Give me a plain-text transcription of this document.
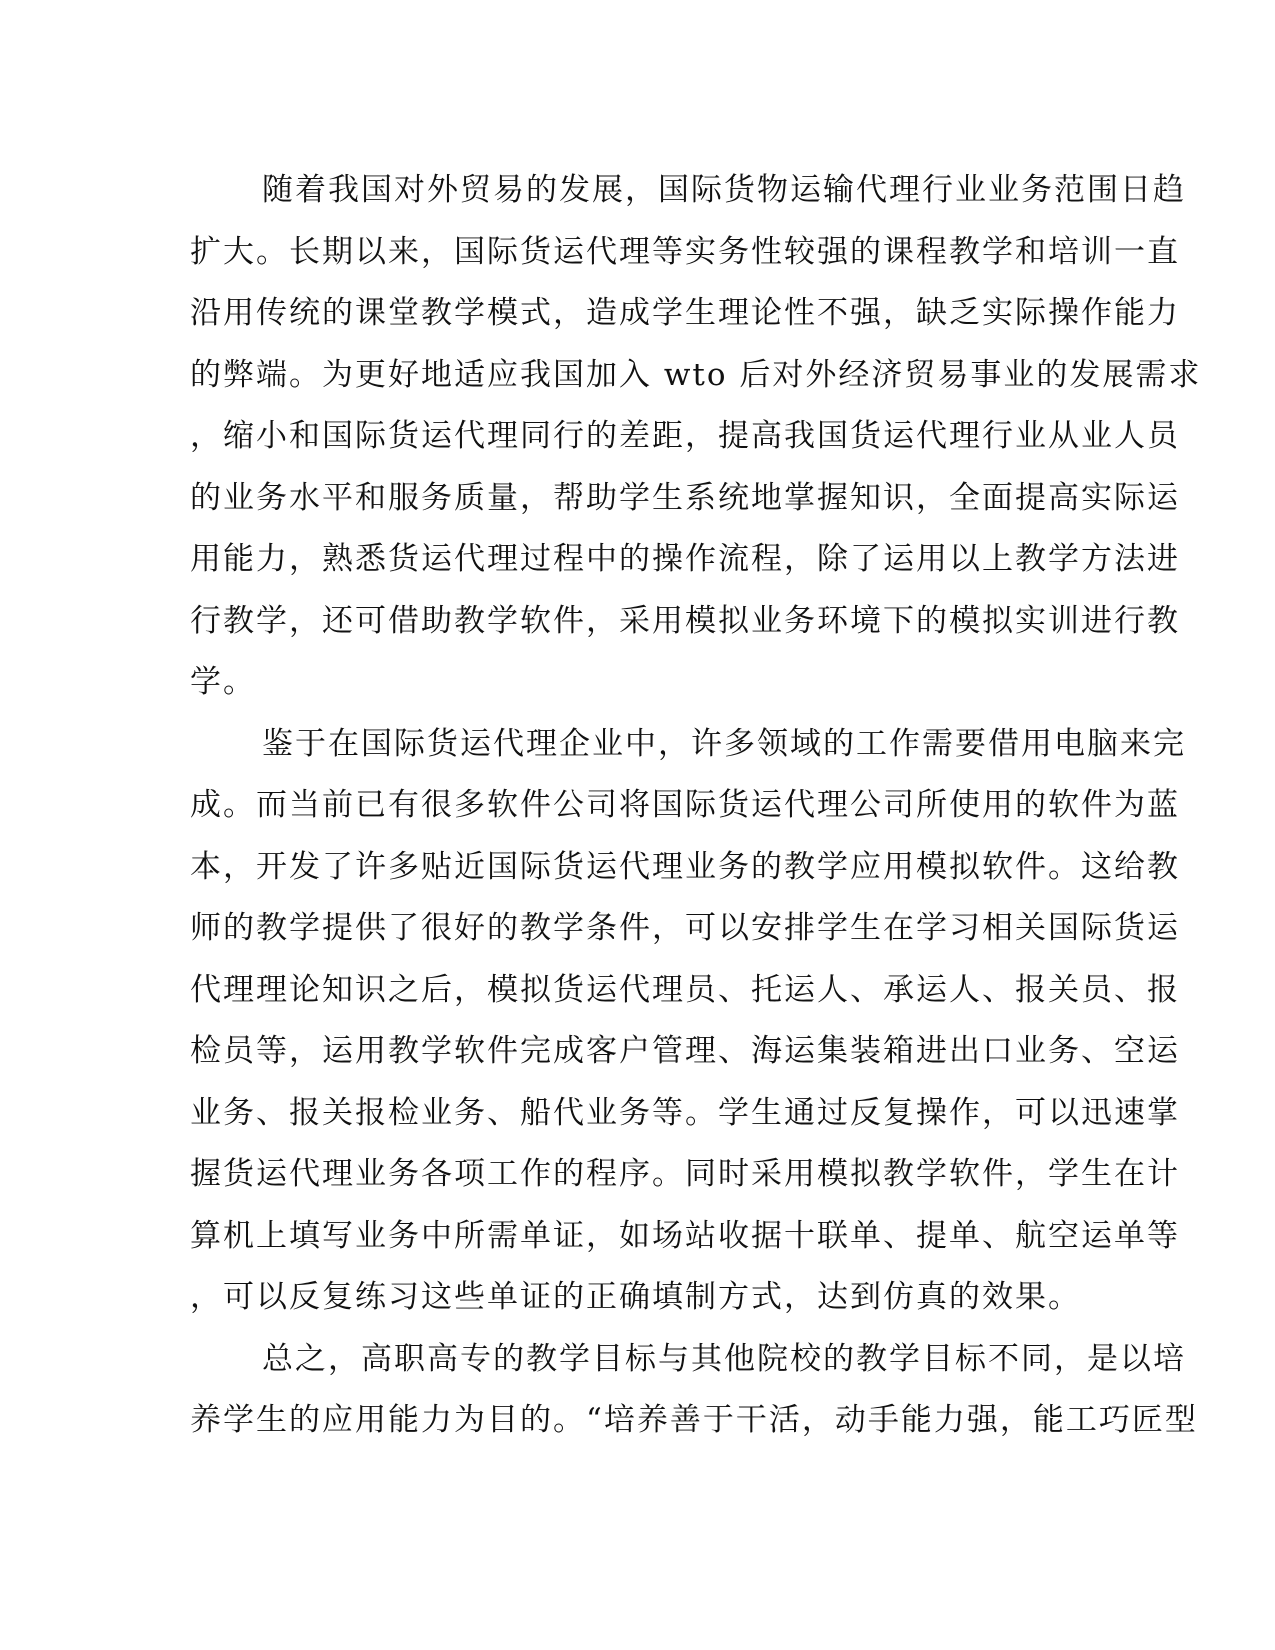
随着我国对外贸易的发展，国际货物运输代理行业业务范围日趋
扩大。长期以来，国际货运代理等实务性较强的课程教学和培训一直
沿用传统的课堂教学模式，造成学生理论性不强，缺乏实际操作能力
的弊端。为更好地适应我国加入 wto 后对外经济贸易事业的发展需求
，缩小和国际货运代理同行的差距，提高我国货运代理行业从业人员
的业务水平和服务质量，帮助学生系统地掌握知识，全面提高实际运
用能力，熟悉货运代理过程中的操作流程，除了运用以上教学方法进
行教学，还可借助教学软件，采用模拟业务环境下的模拟实训进行教
学。
鉴于在国际货运代理企业中，许多领域的工作需要借用电脑来完
成。而当前已有很多软件公司将国际货运代理公司所使用的软件为蓝
本，开发了许多贴近国际货运代理业务的教学应用模拟软件。这给教
师的教学提供了很好的教学条件，可以安排学生在学习相关国际货运
代理理论知识之后，模拟货运代理员、托运人、承运人、报关员、报
检员等，运用教学软件完成客户管理、海运集装箱进出口业务、空运
业务、报关报检业务、船代业务等。学生通过反复操作，可以迅速掌
握货运代理业务各项工作的程序。同时采用模拟教学软件，学生在计
算机上填写业务中所需单证，如场站收据十联单、提单、航空运单等
，可以反复练习这些单证的正确填制方式，达到仿真的效果。
总之，高职高专的教学目标与其他院校的教学目标不同，是以培
养学生的应用能力为目的。“培养善于干活，动手能力强，能工巧匠型
